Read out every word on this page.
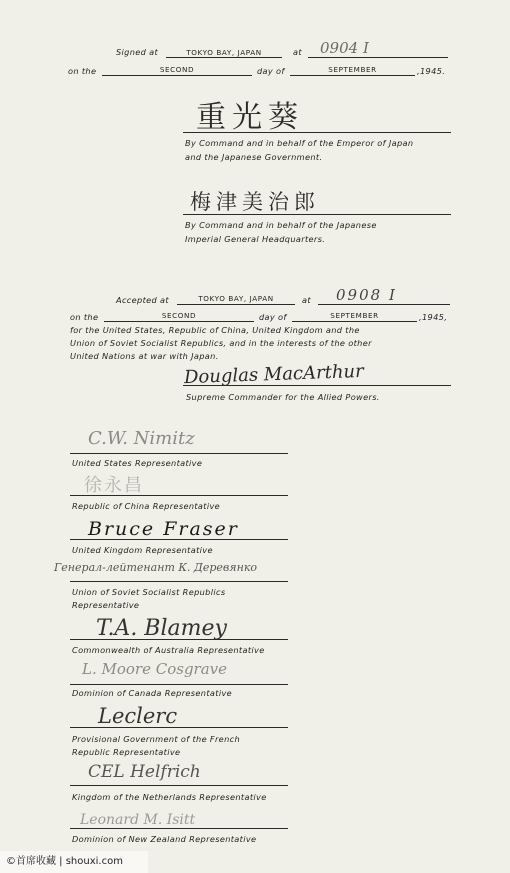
Signed at	TOKYO BAY, JAPAN	at 0904 I
on the	SECOND	day of	SEPTEMBER	,1945.
重光葵
By Command and in behalf of the Emperor of Japan
and the Japanese Government.
梅津美治郎
By Command and in behalf of the Japanese
Imperial General Headquarters.
Accepted at	TOKYO BAY, JAPAN	at 0908 I
on the	SECOND	day of	SEPTEMBER	,1945,
for the United States, Republic of China, United Kingdom and the
Union of Soviet Socialist Republics, and in the interests of the other
United Nations at war with Japan.
Douglas MacArthur
Supreme Commander for the Allied Powers.
C.W. Nimitz
United States Representative
徐永昌
Republic of China Representative
Bruce Fraser
United Kingdom Representative
Генерал-лейтенант К. Деревянко
Union of Soviet Socialist Republics
Representative
T.A. Blamey
Commonwealth of Australia Representative
L. Moore Cosgrave
Dominion of Canada Representative
Leclerc
Provisional Government of the French
Republic Representative
CEL Helfrich
Kingdom of the Netherlands Representative
Leonard M. Isitt
Dominion of New Zealand Representative
©首席收藏 | shouxi.com
